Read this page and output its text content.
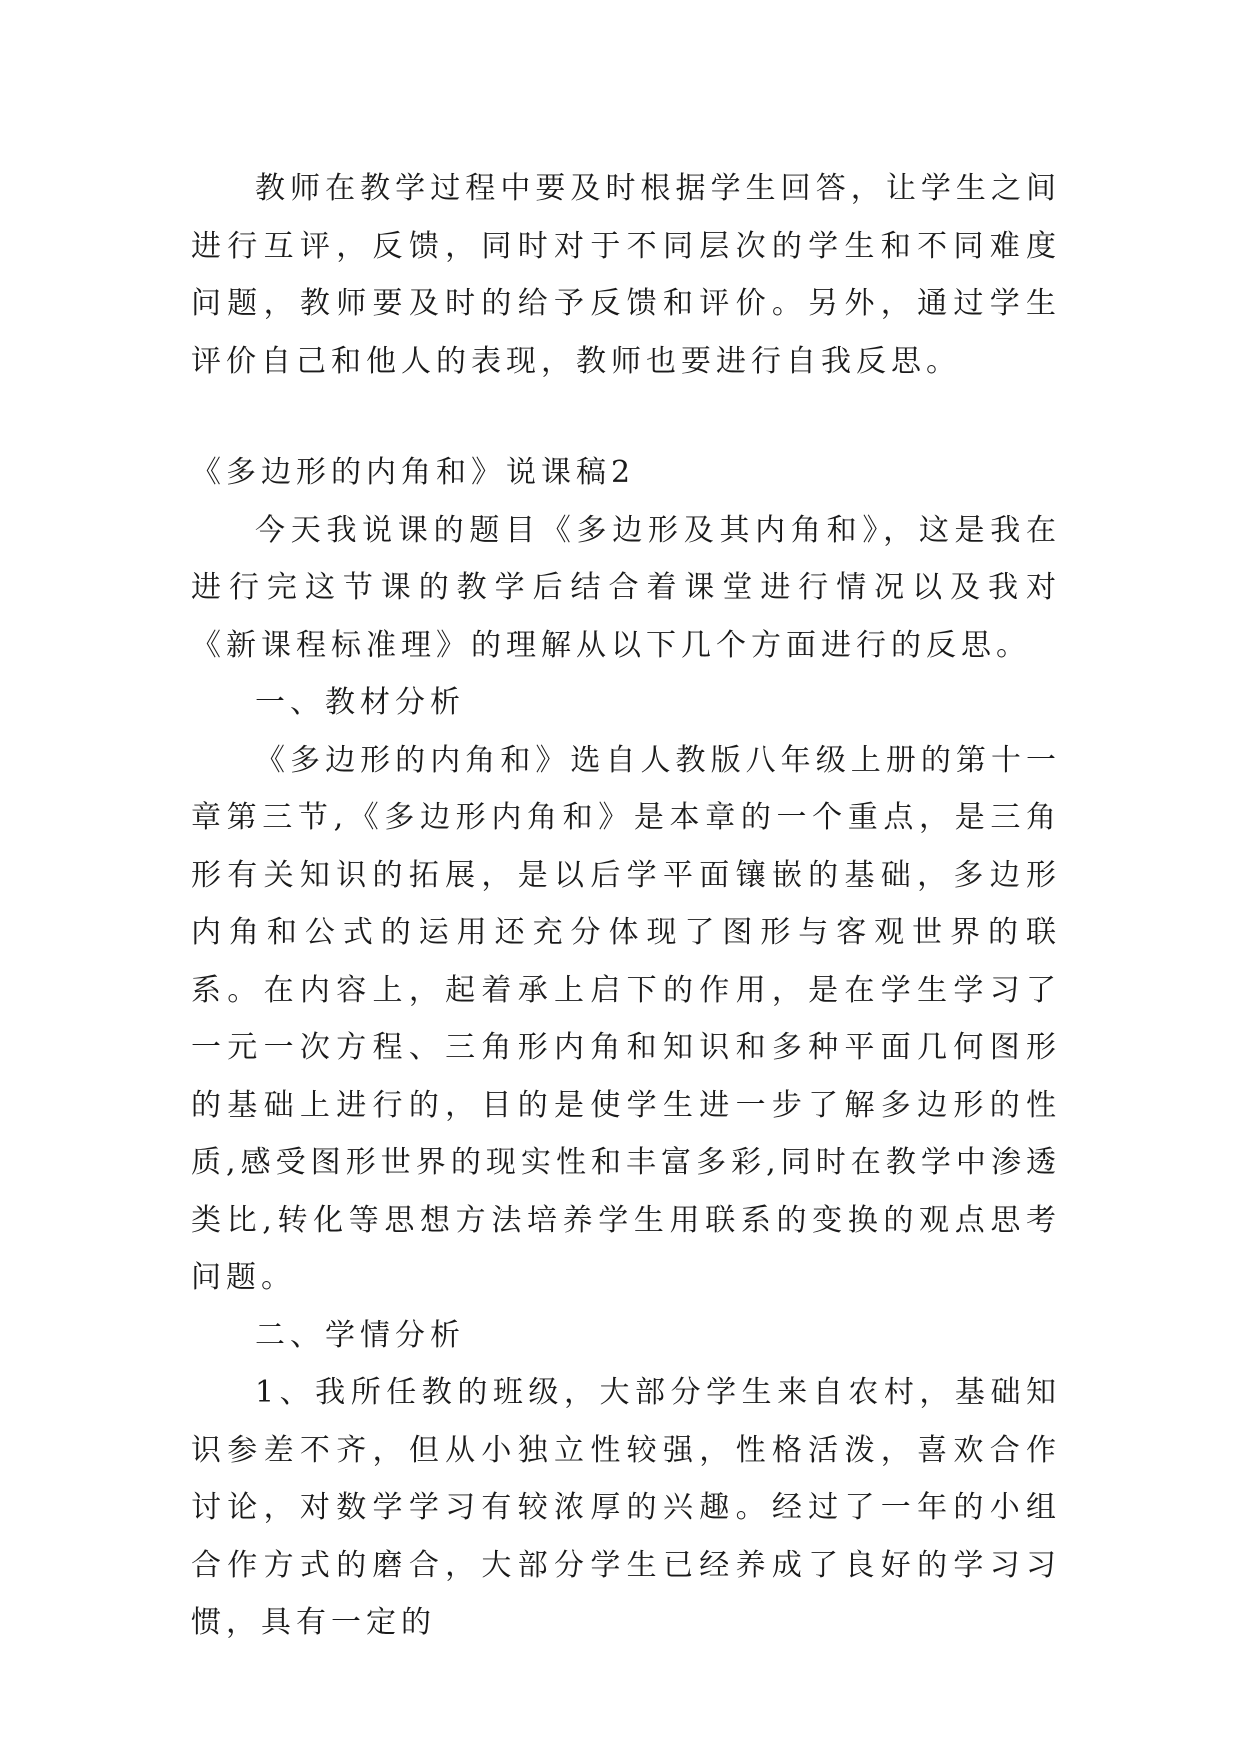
教师在教学过程中要及时根据学生回答，让学生之间进行互评，反馈，同时对于不同层次的学生和不同难度问题，教师要及时的给予反馈和评价。另外，通过学生评价自己和他人的表现，教师也要进行自我反思。

《多边形的内角和》说课稿2

今天我说课的题目《多边形及其内角和》，这是我在进行完这节课的教学后结合着课堂进行情况以及我对《新课程标准理》的理解从以下几个方面进行的反思。

一、教材分析

《多边形的内角和》选自人教版八年级上册的第十一章第三节,《多边形内角和》是本章的一个重点，是三角形有关知识的拓展，是以后学平面镶嵌的基础，多边形内角和公式的运用还充分体现了图形与客观世界的联系。在内容上，起着承上启下的作用，是在学生学习了一元一次方程、三角形内角和知识和多种平面几何图形的基础上进行的，目的是使学生进一步了解多边形的性质,感受图形世界的现实性和丰富多彩,同时在教学中渗透类比,转化等思想方法培养学生用联系的变换的观点思考问题。

二、学情分析

1、我所任教的班级，大部分学生来自农村，基础知识参差不齐，但从小独立性较强，性格活泼，喜欢合作讨论，对数学学习有较浓厚的兴趣。经过了一年的小组合作方式的磨合，大部分学生已经养成了良好的学习习惯，具有一定的
